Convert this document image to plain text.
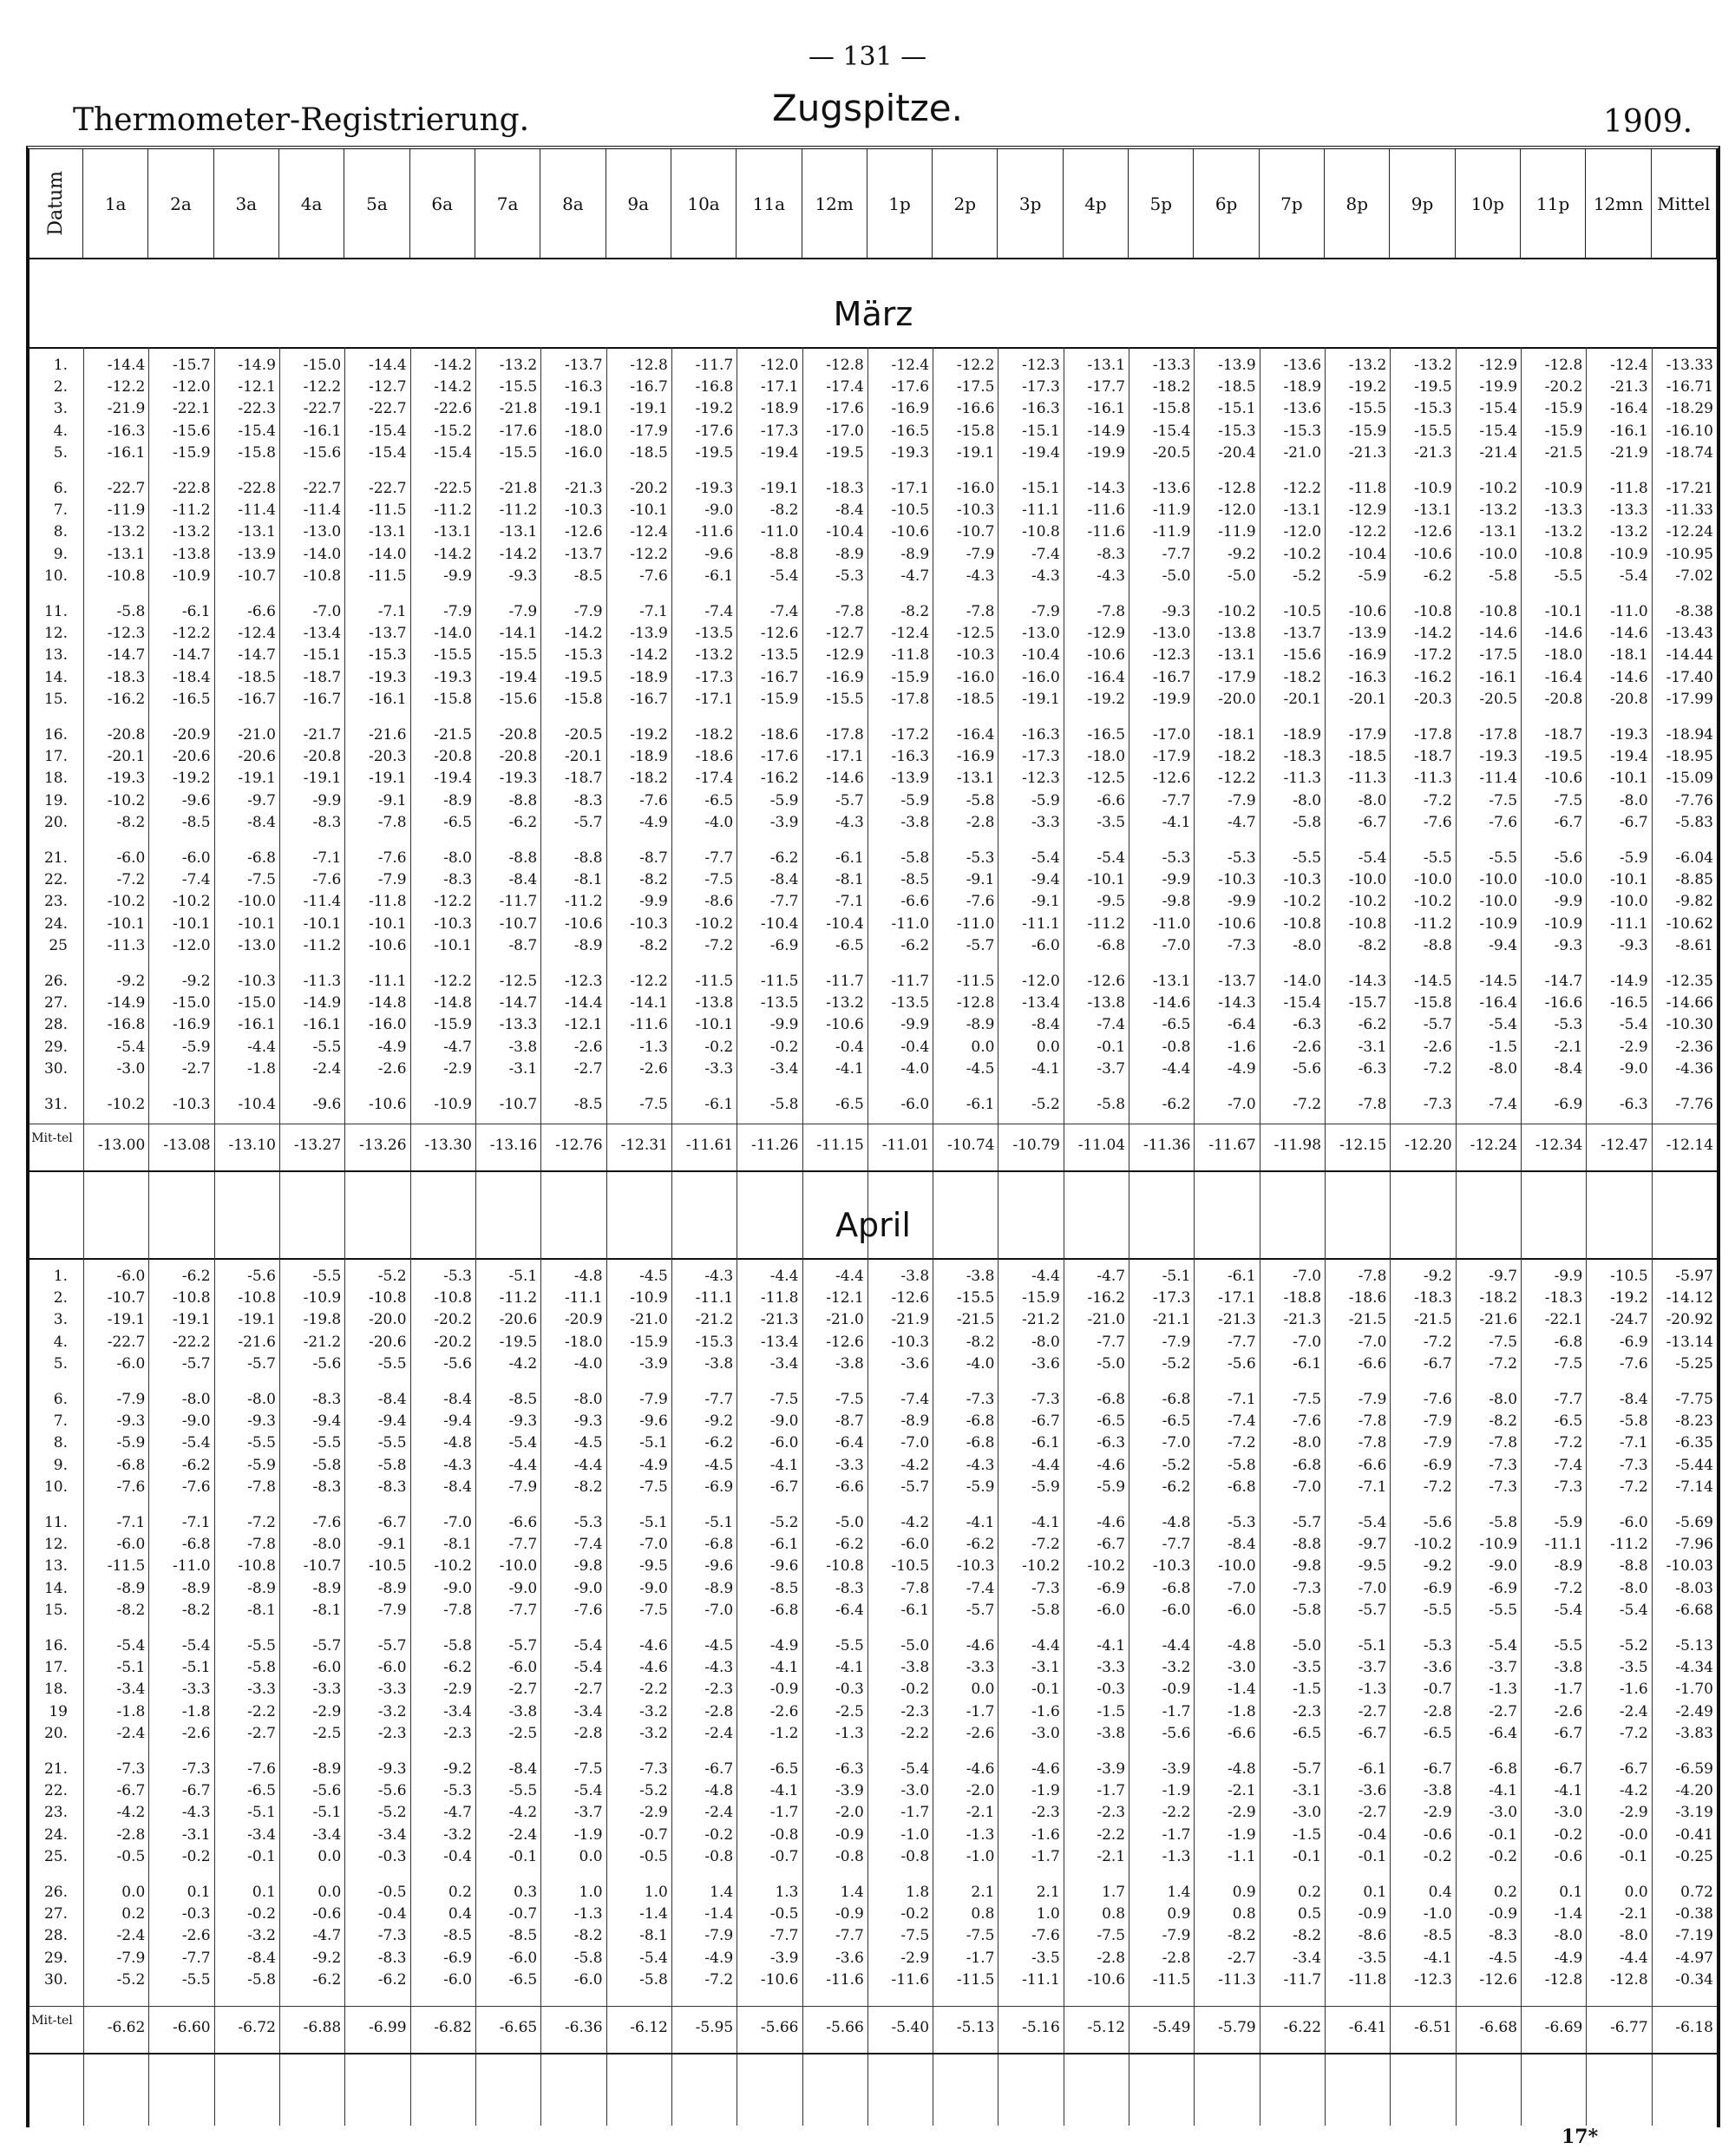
— 131 —
Thermometer-Registrierung.	Zugspitze.	1909.
Datum 1a	2a	3a	4a	5a	6a	7a	8a	9a 10a 11a 12m 1p 2p 3p 4p 5p 6p 7p 8p 9p 10p 11p 12mn Mittel
März
1.	-14.4	-15.7	-14.9	-15.0	-14.4	-14.2	-13.2	-13.7	-12.8	-11.7	-12.0	-12.8	-12.4	-12.2	-12.3	-13.1	-13.3	-13.9	-13.6	-13.2	-13.2	-12.9	-12.8	-12.4	-13.33
2.	-12.2	-12.0	-12.1	-12.2	-12.7	-14.2	-15.5	-16.3	-16.7	-16.8	-17.1	-17.4	-17.6	-17.5	-17.3	-17.7	-18.2	-18.5	-18.9	-19.2	-19.5	-19.9	-20.2	-21.3	-16.71
3.	-21.9	-22.1	-22.3	-22.7	-22.7	-22.6	-21.8	-19.1	-19.1	-19.2	-18.9	-17.6	-16.9	-16.6	-16.3	-16.1	-15.8	-15.1	-13.6	-15.5	-15.3	-15.4	-15.9	-16.4	-18.29
4.	-16.3	-15.6	-15.4	-16.1	-15.4	-15.2	-17.6	-18.0	-17.9	-17.6	-17.3	-17.0	-16.5	-15.8	-15.1	-14.9	-15.4	-15.3	-15.3	-15.9	-15.5	-15.4	-15.9	-16.1	-16.10
5.	-16.1	-15.9	-15.8	-15.6	-15.4	-15.4	-15.5	-16.0	-18.5	-19.5	-19.4	-19.5	-19.3	-19.1	-19.4	-19.9	-20.5	-20.4	-21.0	-21.3	-21.3	-21.4	-21.5	-21.9	-18.74
6.	-22.7	-22.8	-22.8	-22.7	-22.7	-22.5	-21.8	-21.3	-20.2	-19.3	-19.1	-18.3	-17.1	-16.0	-15.1	-14.3	-13.6	-12.8	-12.2	-11.8	-10.9	-10.2	-10.9	-11.8	-17.21
7.	-11.9	-11.2	-11.4	-11.4	-11.5	-11.2	-11.2	-10.3	-10.1	-9.0	-8.2	-8.4	-10.5	-10.3	-11.1	-11.6	-11.9	-12.0	-13.1	-12.9	-13.1	-13.2	-13.3	-13.3	-11.33
8.	-13.2	-13.2	-13.1	-13.0	-13.1	-13.1	-13.1	-12.6	-12.4	-11.6	-11.0	-10.4	-10.6	-10.7	-10.8	-11.6	-11.9	-11.9	-12.0	-12.2	-12.6	-13.1	-13.2	-13.2	-12.24
9.	-13.1	-13.8	-13.9	-14.0	-14.0	-14.2	-14.2	-13.7	-12.2	-9.6	-8.8	-8.9	-8.9	-7.9	-7.4	-8.3	-7.7	-9.2	-10.2	-10.4	-10.6	-10.0	-10.8	-10.9	-10.95
10.	-10.8	-10.9	-10.7	-10.8	-11.5	-9.9	-9.3	-8.5	-7.6	-6.1	-5.4	-5.3	-4.7	-4.3	-4.3	-4.3	-5.0	-5.0	-5.2	-5.9	-6.2	-5.8	-5.5	-5.4	-7.02
11.	-5.8	-6.1	-6.6	-7.0	-7.1	-7.9	-7.9	-7.9	-7.1	-7.4	-7.4	-7.8	-8.2	-7.8	-7.9	-7.8	-9.3	-10.2	-10.5	-10.6	-10.8	-10.8	-10.1	-11.0	-8.38
12.	-12.3	-12.2	-12.4	-13.4	-13.7	-14.0	-14.1	-14.2	-13.9	-13.5	-12.6	-12.7	-12.4	-12.5	-13.0	-12.9	-13.0	-13.8	-13.7	-13.9	-14.2	-14.6	-14.6	-14.6	-13.43
13.	-14.7	-14.7	-14.7	-15.1	-15.3	-15.5	-15.5	-15.3	-14.2	-13.2	-13.5	-12.9	-11.8	-10.3	-10.4	-10.6	-12.3	-13.1	-15.6	-16.9	-17.2	-17.5	-18.0	-18.1	-14.44
14.	-18.3	-18.4	-18.5	-18.7	-19.3	-19.3	-19.4	-19.5	-18.9	-17.3	-16.7	-16.9	-15.9	-16.0	-16.0	-16.4	-16.7	-17.9	-18.2	-16.3	-16.2	-16.1	-16.4	-14.6	-17.40
15.	-16.2	-16.5	-16.7	-16.7	-16.1	-15.8	-15.6	-15.8	-16.7	-17.1	-15.9	-15.5	-17.8	-18.5	-19.1	-19.2	-19.9	-20.0	-20.1	-20.1	-20.3	-20.5	-20.8	-20.8	-17.99
16.	-20.8	-20.9	-21.0	-21.7	-21.6	-21.5	-20.8	-20.5	-19.2	-18.2	-18.6	-17.8	-17.2	-16.4	-16.3	-16.5	-17.0	-18.1	-18.9	-17.9	-17.8	-17.8	-18.7	-19.3	-18.94
17.	-20.1	-20.6	-20.6	-20.8	-20.3	-20.8	-20.8	-20.1	-18.9	-18.6	-17.6	-17.1	-16.3	-16.9	-17.3	-18.0	-17.9	-18.2	-18.3	-18.5	-18.7	-19.3	-19.5	-19.4	-18.95
18.	-19.3	-19.2	-19.1	-19.1	-19.1	-19.4	-19.3	-18.7	-18.2	-17.4	-16.2	-14.6	-13.9	-13.1	-12.3	-12.5	-12.6	-12.2	-11.3	-11.3	-11.3	-11.4	-10.6	-10.1	-15.09
19.	-10.2	-9.6	-9.7	-9.9	-9.1	-8.9	-8.8	-8.3	-7.6	-6.5	-5.9	-5.7	-5.9	-5.8	-5.9	-6.6	-7.7	-7.9	-8.0	-8.0	-7.2	-7.5	-7.5	-8.0	-7.76
20.	-8.2	-8.5	-8.4	-8.3	-7.8	-6.5	-6.2	-5.7	-4.9	-4.0	-3.9	-4.3	-3.8	-2.8	-3.3	-3.5	-4.1	-4.7	-5.8	-6.7	-7.6	-7.6	-6.7	-6.7	-5.83
21.	-6.0	-6.0	-6.8	-7.1	-7.6	-8.0	-8.8	-8.8	-8.7	-7.7	-6.2	-6.1	-5.8	-5.3	-5.4	-5.4	-5.3	-5.3	-5.5	-5.4	-5.5	-5.5	-5.6	-5.9	-6.04
22.	-7.2	-7.4	-7.5	-7.6	-7.9	-8.3	-8.4	-8.1	-8.2	-7.5	-8.4	-8.1	-8.5	-9.1	-9.4	-10.1	-9.9	-10.3	-10.3	-10.0	-10.0	-10.0	-10.0	-10.1	-8.85
23.	-10.2	-10.2	-10.0	-11.4	-11.8	-12.2	-11.7	-11.2	-9.9	-8.6	-7.7	-7.1	-6.6	-7.6	-9.1	-9.5	-9.8	-9.9	-10.2	-10.2	-10.2	-10.0	-9.9	-10.0	-9.82
24.	-10.1	-10.1	-10.1	-10.1	-10.1	-10.3	-10.7	-10.6	-10.3	-10.2	-10.4	-10.4	-11.0	-11.0	-11.1	-11.2	-11.0	-10.6	-10.8	-10.8	-11.2	-10.9	-10.9	-11.1	-10.62
25	-11.3	-12.0	-13.0	-11.2	-10.6	-10.1	-8.7	-8.9	-8.2	-7.2	-6.9	-6.5	-6.2	-5.7	-6.0	-6.8	-7.0	-7.3	-8.0	-8.2	-8.8	-9.4	-9.3	-9.3	-8.61
26.	-9.2	-9.2	-10.3	-11.3	-11.1	-12.2	-12.5	-12.3	-12.2	-11.5	-11.5	-11.7	-11.7	-11.5	-12.0	-12.6	-13.1	-13.7	-14.0	-14.3	-14.5	-14.5	-14.7	-14.9	-12.35
27.	-14.9	-15.0	-15.0	-14.9	-14.8	-14.8	-14.7	-14.4	-14.1	-13.8	-13.5	-13.2	-13.5	-12.8	-13.4	-13.8	-14.6	-14.3	-15.4	-15.7	-15.8	-16.4	-16.6	-16.5	-14.66
28.	-16.8	-16.9	-16.1	-16.1	-16.0	-15.9	-13.3	-12.1	-11.6	-10.1	-9.9	-10.6	-9.9	-8.9	-8.4	-7.4	-6.5	-6.4	-6.3	-6.2	-5.7	-5.4	-5.3	-5.4	-10.30
29.	-5.4	-5.9	-4.4	-5.5	-4.9	-4.7	-3.8	-2.6	-1.3	-0.2	-0.2	-0.4	-0.4	0.0	0.0	-0.1	-0.8	-1.6	-2.6	-3.1	-2.6	-1.5	-2.1	-2.9	-2.36
30.	-3.0	-2.7	-1.8	-2.4	-2.6	-2.9	-3.1	-2.7	-2.6	-3.3	-3.4	-4.1	-4.0	-4.5	-4.1	-3.7	-4.4	-4.9	-5.6	-6.3	-7.2	-8.0	-8.4	-9.0	-4.36
31.	-10.2	-10.3	-10.4	-9.6	-10.6	-10.9	-10.7	-8.5	-7.5	-6.1	-5.8	-6.5	-6.0	-6.1	-5.2	-5.8	-6.2	-7.0	-7.2	-7.8	-7.3	-7.4	-6.9	-6.3	-7.76
Mit-tel	-13.00	-13.08	-13.10	-13.27	-13.26	-13.30	-13.16	-12.76	-12.31	-11.61	-11.26	-11.15	-11.01	-10.74	-10.79	-11.04	-11.36	-11.67	-11.98	-12.15	-12.20	-12.24	-12.34	-12.47	-12.14
April
1.	-6.0	-6.2	-5.6	-5.5	-5.2	-5.3	-5.1	-4.8	-4.5	-4.3	-4.4	-4.4	-3.8	-3.8	-4.4	-4.7	-5.1	-6.1	-7.0	-7.8	-9.2	-9.7	-9.9	-10.5	-5.97
2.	-10.7	-10.8	-10.8	-10.9	-10.8	-10.8	-11.2	-11.1	-10.9	-11.1	-11.8	-12.1	-12.6	-15.5	-15.9	-16.2	-17.3	-17.1	-18.8	-18.6	-18.3	-18.2	-18.3	-19.2	-14.12
3.	-19.1	-19.1	-19.1	-19.8	-20.0	-20.2	-20.6	-20.9	-21.0	-21.2	-21.3	-21.0	-21.9	-21.5	-21.2	-21.0	-21.1	-21.3	-21.3	-21.5	-21.5	-21.6	-22.1	-24.7	-20.92
4.	-22.7	-22.2	-21.6	-21.2	-20.6	-20.2	-19.5	-18.0	-15.9	-15.3	-13.4	-12.6	-10.3	-8.2	-8.0	-7.7	-7.9	-7.7	-7.0	-7.0	-7.2	-7.5	-6.8	-6.9	-13.14
5.	-6.0	-5.7	-5.7	-5.6	-5.5	-5.6	-4.2	-4.0	-3.9	-3.8	-3.4	-3.8	-3.6	-4.0	-3.6	-5.0	-5.2	-5.6	-6.1	-6.6	-6.7	-7.2	-7.5	-7.6	-5.25
6.	-7.9	-8.0	-8.0	-8.3	-8.4	-8.4	-8.5	-8.0	-7.9	-7.7	-7.5	-7.5	-7.4	-7.3	-7.3	-6.8	-6.8	-7.1	-7.5	-7.9	-7.6	-8.0	-7.7	-8.4	-7.75
7.	-9.3	-9.0	-9.3	-9.4	-9.4	-9.4	-9.3	-9.3	-9.6	-9.2	-9.0	-8.7	-8.9	-6.8	-6.7	-6.5	-6.5	-7.4	-7.6	-7.8	-7.9	-8.2	-6.5	-5.8	-8.23
8.	-5.9	-5.4	-5.5	-5.5	-5.5	-4.8	-5.4	-4.5	-5.1	-6.2	-6.0	-6.4	-7.0	-6.8	-6.1	-6.3	-7.0	-7.2	-8.0	-7.8	-7.9	-7.8	-7.2	-7.1	-6.35
9.	-6.8	-6.2	-5.9	-5.8	-5.8	-4.3	-4.4	-4.4	-4.9	-4.5	-4.1	-3.3	-4.2	-4.3	-4.4	-4.6	-5.2	-5.8	-6.8	-6.6	-6.9	-7.3	-7.4	-7.3	-5.44
10.	-7.6	-7.6	-7.8	-8.3	-8.3	-8.4	-7.9	-8.2	-7.5	-6.9	-6.7	-6.6	-5.7	-5.9	-5.9	-5.9	-6.2	-6.8	-7.0	-7.1	-7.2	-7.3	-7.3	-7.2	-7.14
11.	-7.1	-7.1	-7.2	-7.6	-6.7	-7.0	-6.6	-5.3	-5.1	-5.1	-5.2	-5.0	-4.2	-4.1	-4.1	-4.6	-4.8	-5.3	-5.7	-5.4	-5.6	-5.8	-5.9	-6.0	-5.69
12.	-6.0	-6.8	-7.8	-8.0	-9.1	-8.1	-7.7	-7.4	-7.0	-6.8	-6.1	-6.2	-6.0	-6.2	-7.2	-6.7	-7.7	-8.4	-8.8	-9.7	-10.2	-10.9	-11.1	-11.2	-7.96
13.	-11.5	-11.0	-10.8	-10.7	-10.5	-10.2	-10.0	-9.8	-9.5	-9.6	-9.6	-10.8	-10.5	-10.3	-10.2	-10.2	-10.3	-10.0	-9.8	-9.5	-9.2	-9.0	-8.9	-8.8	-10.03
14.	-8.9	-8.9	-8.9	-8.9	-8.9	-9.0	-9.0	-9.0	-9.0	-8.9	-8.5	-8.3	-7.8	-7.4	-7.3	-6.9	-6.8	-7.0	-7.3	-7.0	-6.9	-6.9	-7.2	-8.0	-8.03
15.	-8.2	-8.2	-8.1	-8.1	-7.9	-7.8	-7.7	-7.6	-7.5	-7.0	-6.8	-6.4	-6.1	-5.7	-5.8	-6.0	-6.0	-6.0	-5.8	-5.7	-5.5	-5.5	-5.4	-5.4	-6.68
16.	-5.4	-5.4	-5.5	-5.7	-5.7	-5.8	-5.7	-5.4	-4.6	-4.5	-4.9	-5.5	-5.0	-4.6	-4.4	-4.1	-4.4	-4.8	-5.0	-5.1	-5.3	-5.4	-5.5	-5.2	-5.13
17.	-5.1	-5.1	-5.8	-6.0	-6.0	-6.2	-6.0	-5.4	-4.6	-4.3	-4.1	-4.1	-3.8	-3.3	-3.1	-3.3	-3.2	-3.0	-3.5	-3.7	-3.6	-3.7	-3.8	-3.5	-4.34
18.	-3.4	-3.3	-3.3	-3.3	-3.3	-2.9	-2.7	-2.7	-2.2	-2.3	-0.9	-0.3	-0.2	0.0	-0.1	-0.3	-0.9	-1.4	-1.5	-1.3	-0.7	-1.3	-1.7	-1.6	-1.70
19	-1.8	-1.8	-2.2	-2.9	-3.2	-3.4	-3.8	-3.4	-3.2	-2.8	-2.6	-2.5	-2.3	-1.7	-1.6	-1.5	-1.7	-1.8	-2.3	-2.7	-2.8	-2.7	-2.6	-2.4	-2.49
20.	-2.4	-2.6	-2.7	-2.5	-2.3	-2.3	-2.5	-2.8	-3.2	-2.4	-1.2	-1.3	-2.2	-2.6	-3.0	-3.8	-5.6	-6.6	-6.5	-6.7	-6.5	-6.4	-6.7	-7.2	-3.83
21.	-7.3	-7.3	-7.6	-8.9	-9.3	-9.2	-8.4	-7.5	-7.3	-6.7	-6.5	-6.3	-5.4	-4.6	-4.6	-3.9	-3.9	-4.8	-5.7	-6.1	-6.7	-6.8	-6.7	-6.7	-6.59
22.	-6.7	-6.7	-6.5	-5.6	-5.6	-5.3	-5.5	-5.4	-5.2	-4.8	-4.1	-3.9	-3.0	-2.0	-1.9	-1.7	-1.9	-2.1	-3.1	-3.6	-3.8	-4.1	-4.1	-4.2	-4.20
23.	-4.2	-4.3	-5.1	-5.1	-5.2	-4.7	-4.2	-3.7	-2.9	-2.4	-1.7	-2.0	-1.7	-2.1	-2.3	-2.3	-2.2	-2.9	-3.0	-2.7	-2.9	-3.0	-3.0	-2.9	-3.19
24.	-2.8	-3.1	-3.4	-3.4	-3.4	-3.2	-2.4	-1.9	-0.7	-0.2	-0.8	-0.9	-1.0	-1.3	-1.6	-2.2	-1.7	-1.9	-1.5	-0.4	-0.6	-0.1	-0.2	-0.0	-0.41
25.	-0.5	-0.2	-0.1	0.0	-0.3	-0.4	-0.1	0.0	-0.5	-0.8	-0.7	-0.8	-0.8	-1.0	-1.7	-2.1	-1.3	-1.1	-0.1	-0.1	-0.2	-0.2	-0.6	-0.1	-0.25
26.	0.0	0.1	0.1	0.0	-0.5	0.2	0.3	1.0	1.0	1.4	1.3	1.4	1.8	2.1	2.1	1.7	1.4	0.9	0.2	0.1	0.4	0.2	0.1	0.0	0.72
27.	0.2	-0.3	-0.2	-0.6	-0.4	0.4	-0.7	-1.3	-1.4	-1.4	-0.5	-0.9	-0.2	0.8	1.0	0.8	0.9	0.8	0.5	-0.9	-1.0	-0.9	-1.4	-2.1	-0.38
28.	-2.4	-2.6	-3.2	-4.7	-7.3	-8.5	-8.5	-8.2	-8.1	-7.9	-7.7	-7.7	-7.5	-7.5	-7.6	-7.5	-7.9	-8.2	-8.2	-8.6	-8.5	-8.3	-8.0	-8.0	-7.19
29.	-7.9	-7.7	-8.4	-9.2	-8.3	-6.9	-6.0	-5.8	-5.4	-4.9	-3.9	-3.6	-2.9	-1.7	-3.5	-2.8	-2.8	-2.7	-3.4	-3.5	-4.1	-4.5	-4.9	-4.4	-4.97
30.	-5.2	-5.5	-5.8	-6.2	-6.2	-6.0	-6.5	-6.0	-5.8	-7.2	-10.6	-11.6	-11.6	-11.5	-11.1	-10.6	-11.5	-11.3	-11.7	-11.8	-12.3	-12.6	-12.8	-12.8	-0.34
Mit-tel	-6.62	-6.60	-6.72	-6.88	-6.99	-6.82	-6.65	-6.36	-6.12	-5.95	-5.66	-5.66	-5.40	-5.13	-5.16	-5.12	-5.49	-5.79	-6.22	-6.41	-6.51	-6.68	-6.69	-6.77	-6.18
17*
